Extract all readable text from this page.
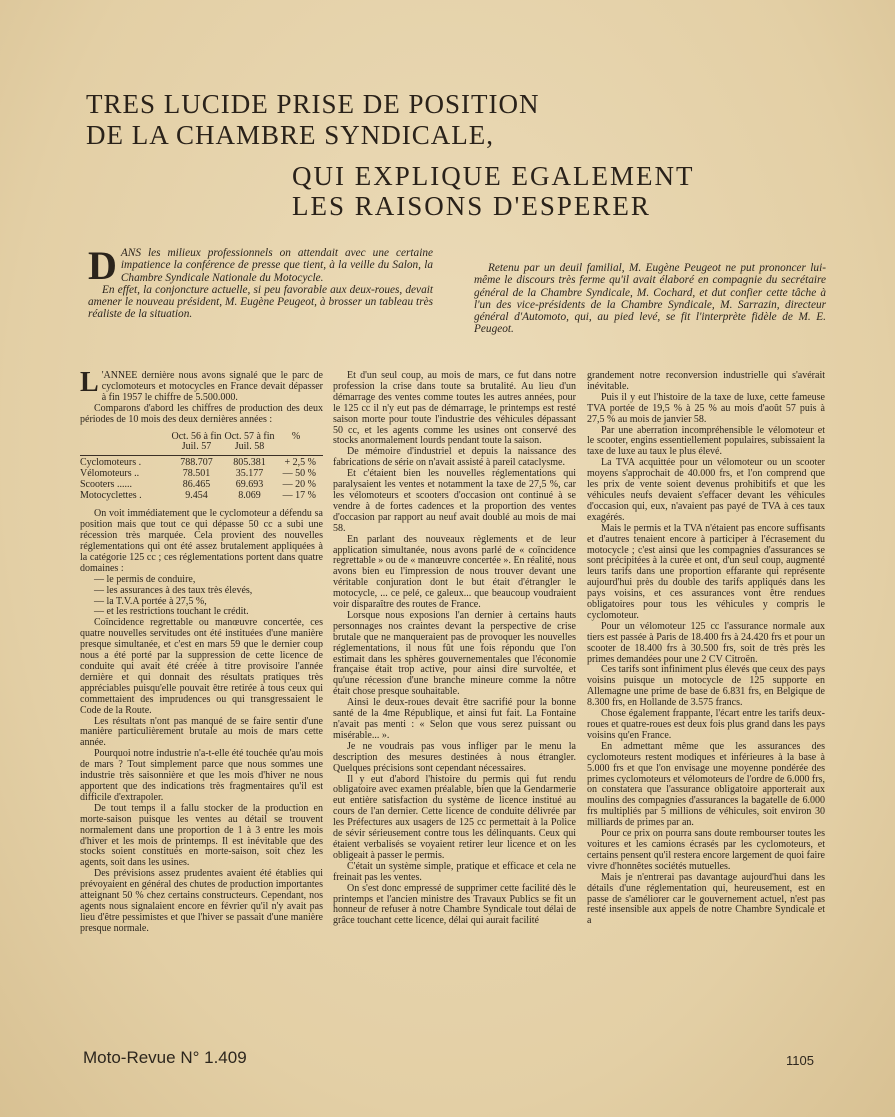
TRES LUCIDE PRISE DE POSITION
DE LA CHAMBRE SYNDICALE,
QUI EXPLIQUE EGALEMENT
LES RAISONS D'ESPERER

DANS les milieux professionnels on attendait avec une certaine impatience la conférence de presse que tient, à la veille du Salon, la Chambre Syndicale Nationale du Motocycle.

En effet, la conjoncture actuelle, si peu favorable aux deux-roues, devait amener le nouveau président, M. Eugène Peugeot, à brosser un tableau très réaliste de la situation.

Retenu par un deuil familial, M. Eugène Peugeot ne put prononcer lui-même le discours très ferme qu'il avait élaboré en compagnie du secrétaire général de la Chambre Syndicale, M. Cochard, et dut confier cette tâche à l'un des vice-présidents de la Chambre Syndicale, M. Sarrazin, directeur général d'Automoto, qui, au pied levé, se fit l'interprète fidèle de M. E. Peugeot.

L 'ANNEE dernière nous avons signalé que le parc de cyclomoteurs et motocycles en France devait dépasser à fin 1957 le chiffre de 5.500.000.

Comparons d'abord les chiffres de production des deux périodes de 10 mois des deux dernières années :

Oct. 56 à fin Juil. 57
Oct. 57 à fin Juil. 58
%
Cyclomoteurs .	788.707	805.381	+ 2,5 %
Vélomoteurs ..	78.501	35.177	— 50 %
Scooters ......	86.465	69.693	— 20 %
Motocyclettes .	9.454	8.069	— 17 %

On voit immédiatement que le cyclomoteur a défendu sa position mais que tout ce qui dépasse 50 cc a subi une récession très marquée. Cela provient des nouvelles réglementations qui ont été assez brutalement appliquées à la catégorie 125 cc ; ces réglementations portent dans quatre domaines :

— le permis de conduire,

— les assurances à des taux très élevés,

— la T.V.A portée à 27,5 %,

— et les restrictions touchant le crédit.

Coïncidence regrettable ou manœuvre concertée, ces quatre nouvelles servitudes ont été instituées d'une manière presque simultanée, et c'est en mars 59 que le dernier coup nous a été porté par la suppression de cette licence de conduite qui avait été créée à titre provisoire l'année dernière et qui donnait des résultats pratiques très appréciables puisqu'elle pouvait être retirée à tous ceux qui commettaient des imprudences ou qui transgressaient le Code de la Route.

Les résultats n'ont pas manqué de se faire sentir d'une manière particulièrement brutale au mois de mars cette année.

Pourquoi notre industrie n'a-t-elle été touchée qu'au mois de mars ? Tout simplement parce que nous sommes une industrie très saisonnière et que les mois d'hiver ne nous apportent que des indications très fragmentaires qu'il est difficile d'extrapoler.

De tout temps il a fallu stocker de la production en morte-saison puisque les ventes au détail se trouvent normalement dans une proportion de 1 à 3 entre les mois d'hiver et les mois de printemps. Il est inévitable que des stocks soient constitués en morte-saison, soit chez les agents, soit dans les usines.

Des prévisions assez prudentes avaient été établies qui prévoyaient en général des chutes de production importantes atteignant 50 % chez certains constructeurs. Cependant, nos agents nous signalaient encore en février qu'il n'y avait pas lieu d'être pessimistes et que l'hiver se passait d'une manière presque normale.

Et d'un seul coup, au mois de mars, ce fut dans notre profession la crise dans toute sa brutalité. Au lieu d'un démarrage des ventes comme toutes les autres années, pour le 125 cc il n'y eut pas de démarrage, le printemps est resté saison morte pour toute l'industrie des véhicules dépassant 50 cc, et les agents comme les usines ont conservé des stocks anormalement lourds pendant toute la saison.

De mémoire d'industriel et depuis la naissance des fabrications de série on n'avait assisté à pareil cataclysme.

Et c'étaient bien les nouvelles réglementations qui paralysaient les ventes et notamment la taxe de 27,5 %, car les vélomoteurs et scooters d'occasion ont continué à se vendre à de fortes cadences et la proportion des ventes d'occasion par rapport au neuf avait doublé au mois de mai 58.

En parlant des nouveaux règlements et de leur application simultanée, nous avons parlé de « coïncidence regrettable » ou de « manœuvre concertée ». En réalité, nous avons bien eu l'impression de nous trouver devant une véritable conjuration dont le but était d'étrangler le motocycle, ... ce pelé, ce galeux... que beaucoup voudraient voir disparaître des routes de France.

Lorsque nous exposions l'an dernier à certains hauts personnages nos craintes devant la perspective de crise brutale que ne manqueraient pas de provoquer les nouvelles réglementations, il nous fût une fois répondu que l'on estimait dans les sphères gouvernementales que l'économie française était trop active, pour ainsi dire survoltée, et qu'une récession d'une branche mineure comme la nôtre était chose presque souhaitable.

Ainsi le deux-roues devait être sacrifié pour la bonne santé de la 4me République, et ainsi fut fait. La Fontaine n'avait pas menti : « Selon que vous serez puissant ou misérable... ».

Je ne voudrais pas vous infliger par le menu la description des mesures destinées à nous étrangler. Quelques précisions sont cependant nécessaires.

Il y eut d'abord l'histoire du permis qui fut rendu obligatoire avec examen préalable, bien que la Gendarmerie eut entière satisfaction du système de licence institué au cours de l'an dernier. Cette licence de conduite délivrée par les Préfectures aux usagers de 125 cc permettait à la Police de sévir sérieusement contre tous les délinquants. Ceux qui étaient verbalisés se voyaient retirer leur licence et on les obligeait à passer le permis.

C'était un système simple, pratique et efficace et cela ne freinait pas les ventes.

On s'est donc empressé de supprimer cette facilité dès le printemps et l'ancien ministre des Travaux Publics se fit un honneur de refuser à notre Chambre Syndicale tout délai de grâce touchant cette licence, délai qui aurait facilité

grandement notre reconversion industrielle qui s'avérait inévitable.

Puis il y eut l'histoire de la taxe de luxe, cette fameuse TVA portée de 19,5 % à 25 % au mois d'août 57 puis à 27,5 % au mois de janvier 58.

Par une aberration incompréhensible le vélomoteur et le scooter, engins essentiellement populaires, subissaient la taxe de luxe au taux le plus élevé.

La TVA acquittée pour un vélomoteur ou un scooter moyens s'approchait de 40.000 frs, et l'on comprend que les prix de vente soient devenus prohibitifs et que les véhicules neufs devaient s'effacer devant les véhicules d'occasion qui, eux, n'avaient pas payé de TVA à ces taux exagérés.

Mais le permis et la TVA n'étaient pas encore suffisants et d'autres tenaient encore à participer à l'écrasement du motocycle ; c'est ainsi que les compagnies d'assurances se sont précipitées à la curée et ont, d'un seul coup, augmenté leurs tarifs dans une proportion effarante qui représente aujourd'hui près du double des tarifs appliqués dans les pays voisins, et ces assurances vont être rendues obligatoires pour tous les véhicules y compris le cyclomoteur.

Pour un vélomoteur 125 cc l'assurance normale aux tiers est passée à Paris de 18.400 frs à 24.420 frs et pour un scooter de 18.400 frs à 30.500 frs, soit de très près les primes demandées pour une 2 CV Citroën.

Ces tarifs sont infiniment plus élevés que ceux des pays voisins puisque un motocycle de 125 supporte en Allemagne une prime de base de 6.831 frs, en Belgique de 8.300 frs, en Hollande de 3.575 francs.

Chose également frappante, l'écart entre les tarifs deux-roues et quatre-roues est deux fois plus grand dans les pays voisins qu'en France.

En admettant même que les assurances des cyclomoteurs restent modiques et inférieures à la base à 5.000 frs et que l'on envisage une moyenne pondérée des primes cyclomoteurs et vélomoteurs de l'ordre de 6.000 frs, on constatera que l'assurance obligatoire apporterait aux moulins des compagnies d'assurances la bagatelle de 6.000 frs multipliés par 5 millions de véhicules, soit environ 30 milliards de primes par an.

Pour ce prix on pourra sans doute rembourser toutes les voitures et les camions écrasés par les cyclomoteurs, et certains pensent qu'il restera encore largement de quoi faire vivre d'honnêtes sociétés mutuelles.

Mais je n'entrerai pas davantage aujourd'hui dans les détails d'une réglementation qui, heureusement, est en passe de s'améliorer car le gouvernement actuel, n'est pas resté insensible aux appels de notre Chambre Syndicale et a

Moto-Revue N° 1.409	1105
